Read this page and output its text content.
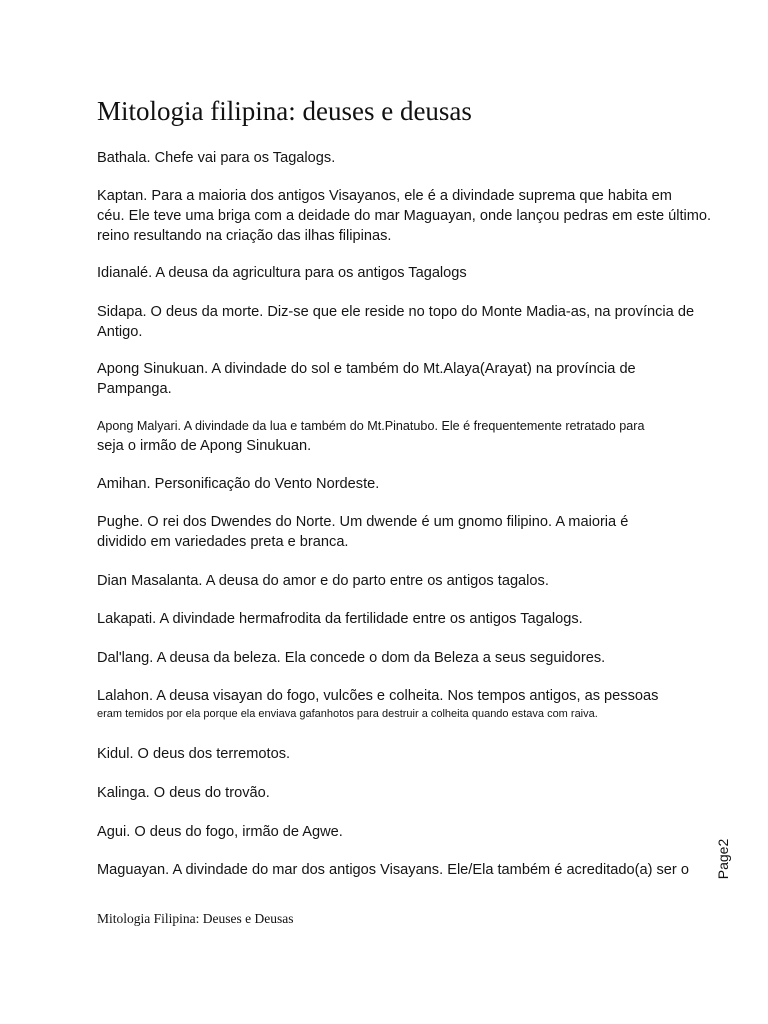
Mitologia filipina: deuses e deusas

Bathala. Chefe vai para os Tagalogs.

Kaptan. Para a maioria dos antigos Visayanos, ele é a divindade suprema que habita em
céu. Ele teve uma briga com a deidade do mar Maguayan, onde lançou pedras em este último.
reino resultando na criação das ilhas filipinas.

Idianalé. A deusa da agricultura para os antigos Tagalogs

Sidapa. O deus da morte. Diz-se que ele reside no topo do Monte Madia-as, na província de
Antigo.

Apong Sinukuan. A divindade do sol e também do Mt.Alaya(Arayat) na província de
Pampanga.

Apong Malyari. A divindade da lua e também do Mt.Pinatubo. Ele é frequentemente retratado para
seja o irmão de Apong Sinukuan.

Amihan. Personificação do Vento Nordeste.

Pughe. O rei dos Dwendes do Norte. Um dwende é um gnomo filipino. A maioria é
dividido em variedades preta e branca.

Dian Masalanta. A deusa do amor e do parto entre os antigos tagalos.

Lakapati. A divindade hermafrodita da fertilidade entre os antigos Tagalogs.

Dal'lang. A deusa da beleza. Ela concede o dom da Beleza a seus seguidores.

Lalahon. A deusa visayan do fogo, vulcões e colheita. Nos tempos antigos, as pessoas
eram temidos por ela porque ela enviava gafanhotos para destruir a colheita quando estava com raiva.

Kidul. O deus dos terremotos.

Kalinga. O deus do trovão.

Agui. O deus do fogo, irmão de Agwe.

Maguayan. A divindade do mar dos antigos Visayans. Ele/Ela também é acreditado(a) ser o Page2

Mitologia Filipina: Deuses e Deusas
